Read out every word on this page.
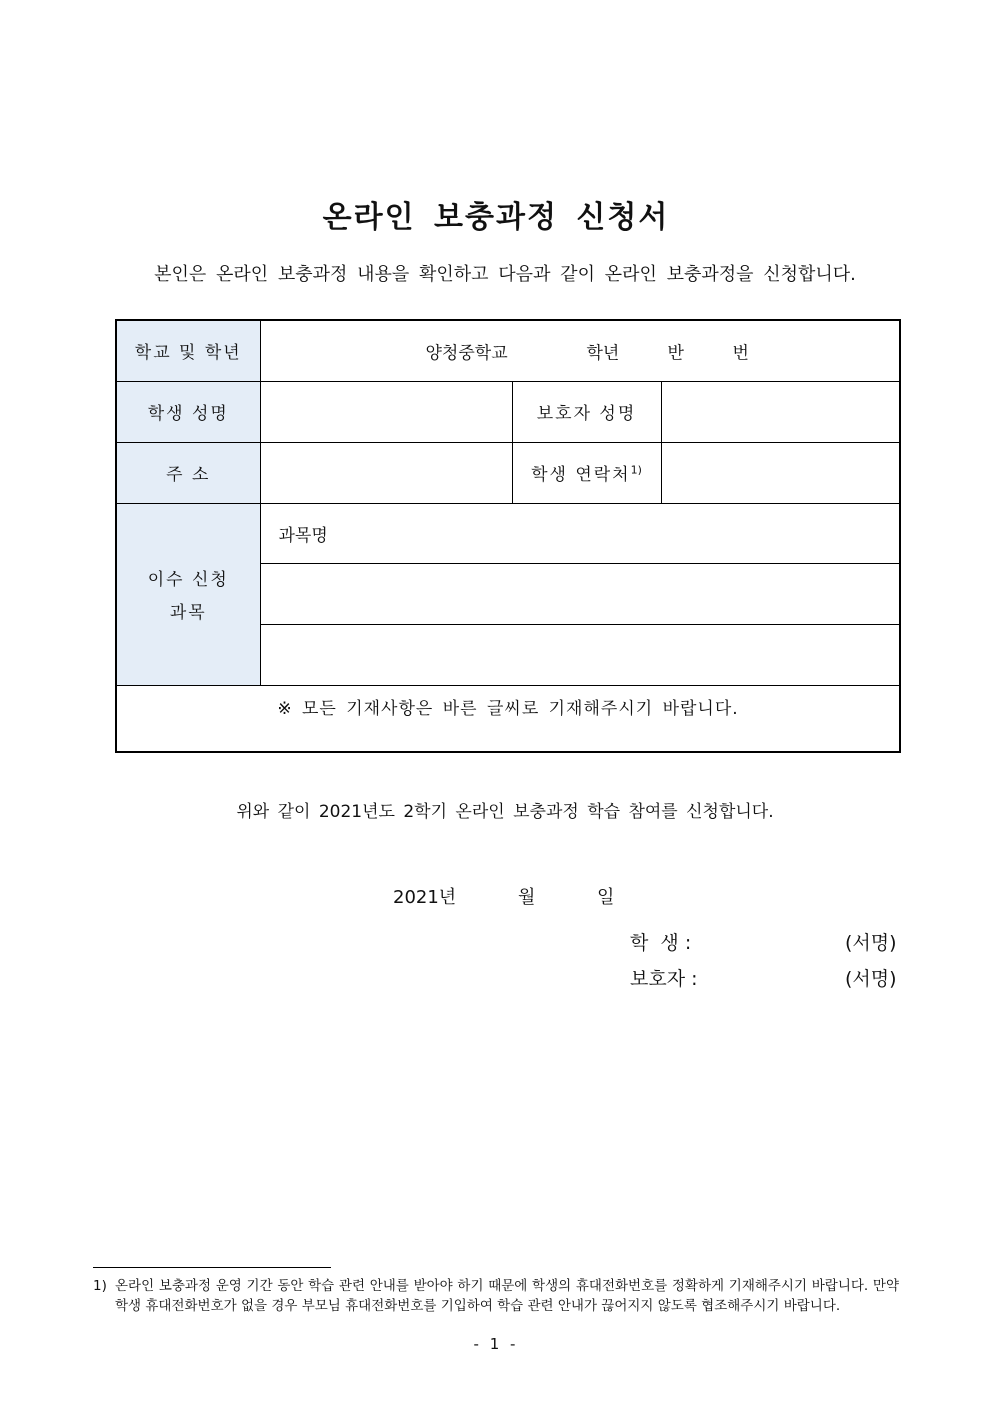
온라인 보충과정 신청서
본인은 온라인 보충과정 내용을 확인하고 다음과 같이 온라인 보충과정을 신청합니다.
학교 및 학년	양청중학교 학년 반 번		

학생 성명		보호자 성명	
주 소		학생 연락처$^{1)}$	

이수 신청
과목	과목명		

※ 모든 기재사항은 바른 글씨로 기재해주시기 바랍니다.			
위와 같이 2021년도 2학기 온라인 보충과정 학습 참여를 신청합니다.
2021년	월	일
학  생 :	(서명)
보호자 :	(서명)
1) 온라인 보충과정 운영 기간 동안 학습 관련 안내를 받아야 하기 때문에 학생의 휴대전화번호를 정확하게 기재해주시기 바랍니다. 만약 학생 휴대전화번호가 없을 경우 부모님 휴대전화번호를 기입하여 학습 관련 안내가 끊어지지 않도록 협조해주시기 바랍니다.
- 1 -
